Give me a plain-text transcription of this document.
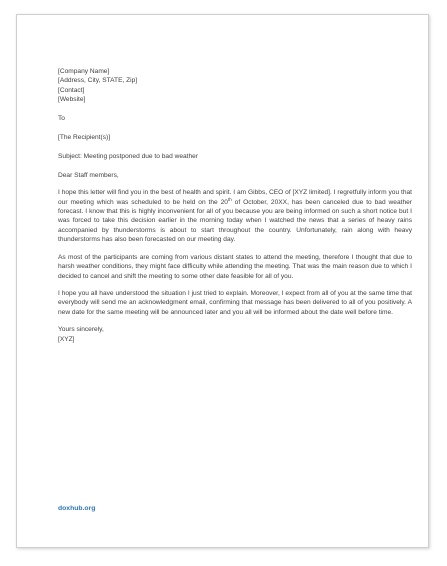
[Company Name]
[Address, City, STATE, Zip]
[Contact]
[Website]
To
[The Recipient(s)]
Subject: Meeting postponed due to bad weather
Dear Staff members,

I hope this letter will find you in the best of health and spirit. I am Gibbs, CEO of [XYZ limited]. I regretfully inform you that our meeting which was scheduled to be held on the 20th of October, 20XX, has been canceled due to bad weather forecast. I know that this is highly inconvenient for all of you because you are being informed on such a short notice but I was forced to take this decision earlier in the morning today when I watched the news that a series of heavy rains accompanied by thunderstorms is about to start throughout the country. Unfortunately, rain along with heavy thunderstorms has also been forecasted on our meeting day.

As most of the participants are coming from various distant states to attend the meeting, therefore I thought that due to harsh weather conditions, they might face difficulty while attending the meeting. That was the main reason due to which I decided to cancel and shift the meeting to some other date feasible for all of you.

I hope you all have understood the situation I just tried to explain. Moreover, I expect from all of you at the same time that everybody will send me an acknowledgment email, confirming that message has been delivered to all of you positively. A new date for the same meeting will be announced later and you all will be informed about the date well before time.

Yours sincerely,
[XYZ]
doxhub.org
